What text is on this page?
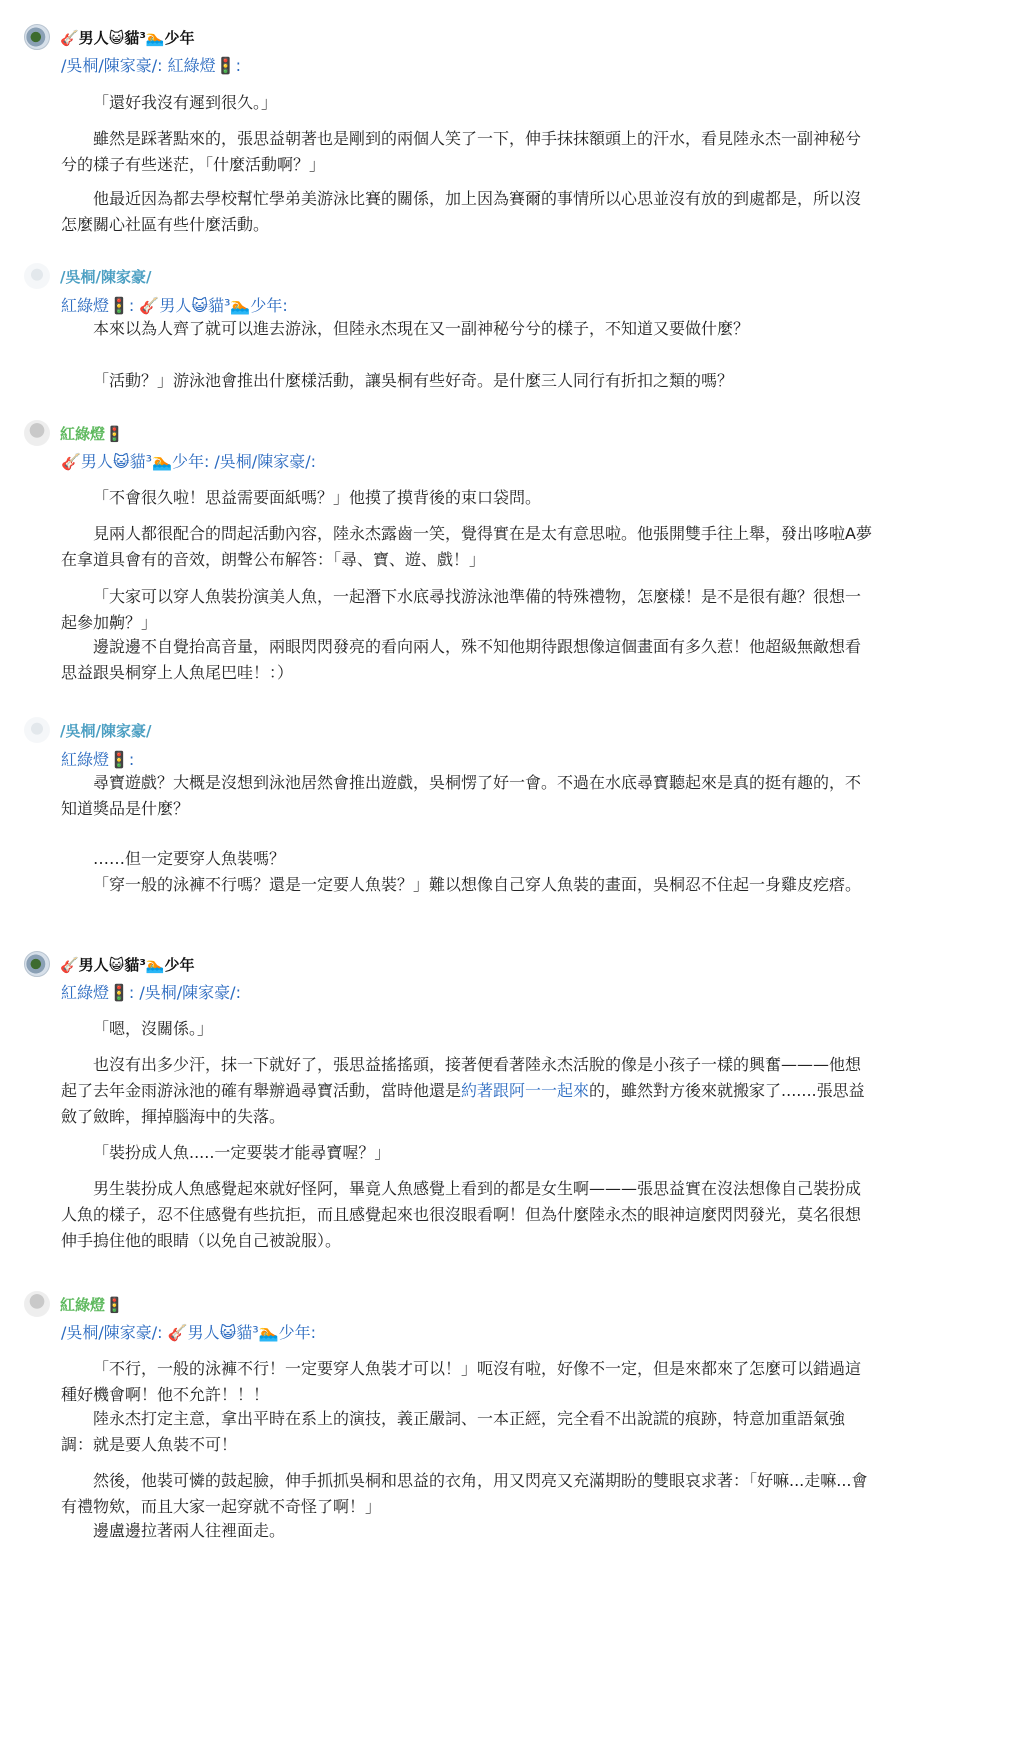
🎸男人😺貓³🏊少年
/吳桐/陳家豪/: 紅綠燈🚦:

「還好我沒有遲到很久。」

雖然是踩著點來的，張思益朝著也是剛到的兩個人笑了一下，伸手抹抹額頭上的汗水，看見陸永杰一副神秘兮兮的樣子有些迷茫，「什麼活動啊？」

他最近因為都去學校幫忙學弟美游泳比賽的關係，加上因為賽爾的事情所以心思並沒有放的到處都是，所以沒怎麼關心社區有些什麼活動。

/吳桐/陳家豪/
紅綠燈🚦: 🎸男人😺貓³🏊少年:

本來以為人齊了就可以進去游泳，但陸永杰現在又一副神秘兮兮的樣子，不知道又要做什麼？

「活動？」游泳池會推出什麼樣活動，讓吳桐有些好奇。是什麼三人同行有折扣之類的嗎？

紅綠燈🚦
🎸男人😺貓³🏊少年: /吳桐/陳家豪/:

「不會很久啦！思益需要面紙嗎？」他摸了摸背後的束口袋問。

見兩人都很配合的問起活動內容，陸永杰露齒一笑，覺得實在是太有意思啦。他張開雙手往上舉，發出哆啦A夢在拿道具會有的音效，朗聲公布解答：「尋、寶、遊、戲！」

「大家可以穿人魚裝扮演美人魚，一起潛下水底尋找游泳池準備的特殊禮物，怎麼樣！是不是很有趣？很想一起參加齁？」

邊說邊不自覺抬高音量，兩眼閃閃發亮的看向兩人，殊不知他期待跟想像這個畫面有多久惹！他超級無敵想看思益跟吳桐穿上人魚尾巴哇！：）

/吳桐/陳家豪/
紅綠燈🚦:

尋寶遊戲？大概是沒想到泳池居然會推出遊戲，吳桐愣了好一會。不過在水底尋寶聽起來是真的挺有趣的，不知道獎品是什麼？

……但一定要穿人魚裝嗎？

「穿一般的泳褲不行嗎？還是一定要人魚裝？」難以想像自己穿人魚裝的畫面，吳桐忍不住起一身雞皮疙瘩。

🎸男人😺貓³🏊少年
紅綠燈🚦: /吳桐/陳家豪/:

「嗯，沒關係。」

也沒有出多少汗，抹一下就好了，張思益搖搖頭，接著便看著陸永杰活脫的像是小孩子一樣的興奮———他想起了去年金雨游泳池的確有舉辦過尋寶活動，當時他還是約著跟阿一一起來的，雖然對方後來就搬家了.......張思益斂了斂眸，揮掉腦海中的失落。

「裝扮成人魚.....一定要裝才能尋寶喔？」

男生裝扮成人魚感覺起來就好怪阿，畢竟人魚感覺上看到的都是女生啊———張思益實在沒法想像自己裝扮成人魚的樣子，忍不住感覺有些抗拒，而且感覺起來也很沒眼看啊！但為什麼陸永杰的眼神這麼閃閃發光，莫名很想伸手摀住他的眼睛（以免自己被說服）。

紅綠燈🚦
/吳桐/陳家豪/: 🎸男人😺貓³🏊少年:

「不行，一般的泳褲不行！一定要穿人魚裝才可以！」呃沒有啦，好像不一定，但是來都來了怎麼可以錯過這種好機會啊！他不允許！！！

陸永杰打定主意，拿出平時在系上的演技，義正嚴詞、一本正經，完全看不出說謊的痕跡，特意加重語氣強調：就是要人魚裝不可！

然後，他裝可憐的鼓起臉，伸手抓抓吳桐和思益的衣角，用又閃亮又充滿期盼的雙眼哀求著：「好嘛...走嘛...會有禮物欸，而且大家一起穿就不奇怪了啊！」

邊盧邊拉著兩人往裡面走。
